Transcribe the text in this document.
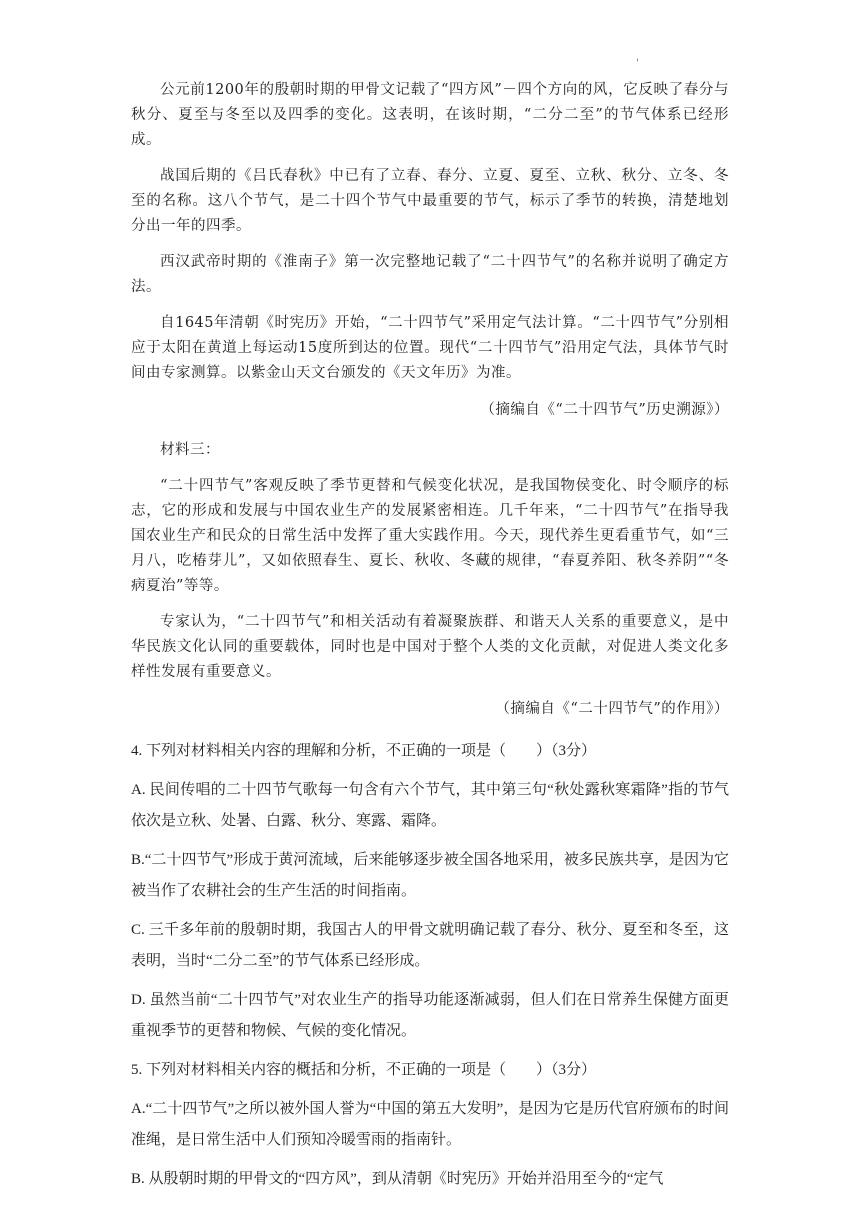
'

公元前1200年的殷朝时期的甲骨文记载了“四方风”－四个方向的风，它反映了春分与秋分、夏至与冬至以及四季的变化。这表明，在该时期，“二分二至”的节气体系已经形成。

战国后期的《吕氏春秋》中已有了立春、春分、立夏、夏至、立秋、秋分、立冬、冬至的名称。这八个节气，是二十四个节气中最重要的节气，标示了季节的转换，清楚地划分出一年的四季。

西汉武帝时期的《淮南子》第一次完整地记载了“二十四节气”的名称并说明了确定方法。

自1645年清朝《时宪历》开始，“二十四节气”采用定气法计算。“二十四节气”分别相应于太阳在黄道上每运动15度所到达的位置。现代“二十四节气”沿用定气法，具体节气时间由专家测算。以紫金山天文台颁发的《天文年历》为准。

（摘编自《“二十四节气”历史溯源》）

材料三：

“二十四节气”客观反映了季节更替和气候变化状况，是我国物侯变化、时令顺序的标志，它的形成和发展与中国农业生产的发展紧密相连。几千年来，“二十四节气”在指导我国农业生产和民众的日常生活中发挥了重大实践作用。今天，现代养生更看重节气，如“三月八，吃椿芽儿”，又如依照春生、夏长、秋收、冬藏的规律，“春夏养阳、秋冬养阴”“冬病夏治”等等。

专家认为，“二十四节气”和相关活动有着凝聚族群、和谐天人关系的重要意义，是中华民族文化认同的重要载体，同时也是中国对于整个人类的文化贡献，对促进人类文化多样性发展有重要意义。

（摘编自《“二十四节气”的作用》）

4. 下列对材料相关内容的理解和分析，不正确的一项是（　　）（3分）

A. 民间传唱的二十四节气歌每一句含有六个节气，其中第三句“秋处露秋寒霜降”指的节气依次是立秋、处暑、白露、秋分、寒露、霜降。

B.“二十四节气”形成于黄河流域，后来能够逐步被全国各地采用，被多民族共享，是因为它被当作了农耕社会的生产生活的时间指南。

C. 三千多年前的殷朝时期，我国古人的甲骨文就明确记载了春分、秋分、夏至和冬至，这表明，当时“二分二至”的节气体系已经形成。

D. 虽然当前“二十四节气”对农业生产的指导功能逐渐减弱，但人们在日常养生保健方面更重视季节的更替和物候、气候的变化情况。

5. 下列对材料相关内容的概括和分析，不正确的一项是（　　）（3分）

A.“二十四节气”之所以被外国人誉为“中国的第五大发明”，是因为它是历代官府颁布的时间准绳，是日常生活中人们预知冷暖雪雨的指南针。

B. 从殷朝时期的甲骨文的“四方风”，到从清朝《时宪历》开始并沿用至今的“定气
